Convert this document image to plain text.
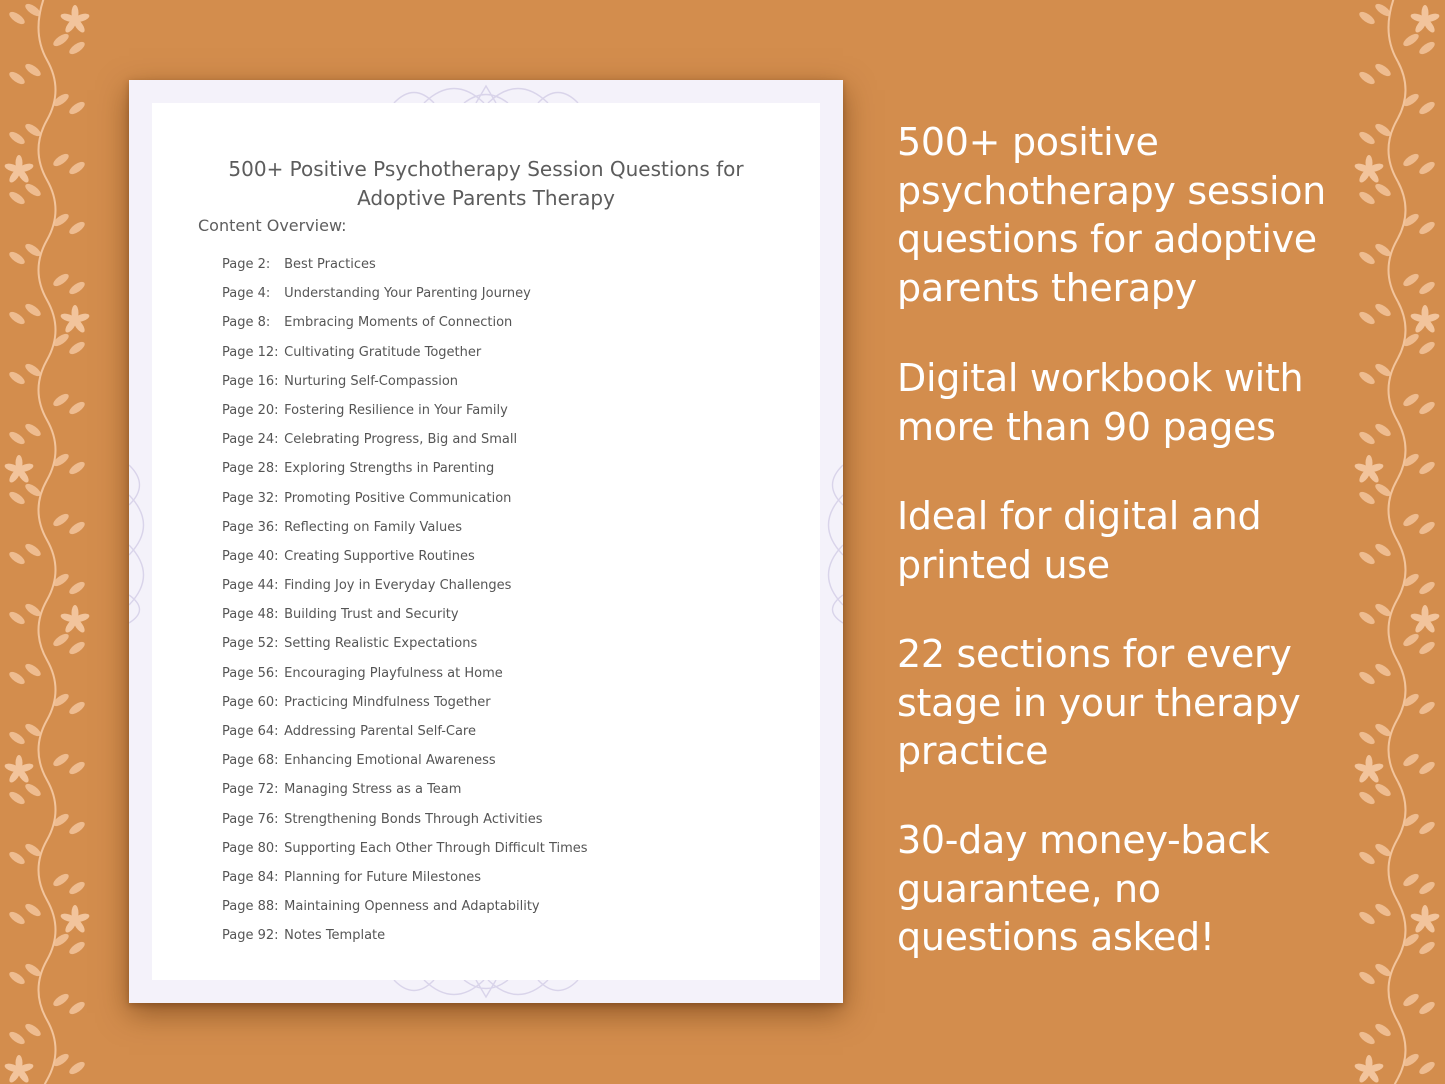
500+ Positive Psychotherapy Session Questions for
Adoptive Parents Therapy
Content Overview:
Page 2: Best Practices
Page 4: Understanding Your Parenting Journey
Page 8: Embracing Moments of Connection
Page 12: Cultivating Gratitude Together
Page 16: Nurturing Self-Compassion
Page 20: Fostering Resilience in Your Family
Page 24: Celebrating Progress, Big and Small
Page 28: Exploring Strengths in Parenting
Page 32: Promoting Positive Communication
Page 36: Reflecting on Family Values
Page 40: Creating Supportive Routines
Page 44: Finding Joy in Everyday Challenges
Page 48: Building Trust and Security
Page 52: Setting Realistic Expectations
Page 56: Encouraging Playfulness at Home
Page 60: Practicing Mindfulness Together
Page 64: Addressing Parental Self-Care
Page 68: Enhancing Emotional Awareness
Page 72: Managing Stress as a Team
Page 76: Strengthening Bonds Through Activities
Page 80: Supporting Each Other Through Difficult Times
Page 84: Planning for Future Milestones
Page 88: Maintaining Openness and Adaptability
Page 92: Notes Template

500+ positive
psychotherapy session
questions for adoptive
parents therapy

Digital workbook with
more than 90 pages

Ideal for digital and
printed use

22 sections for every
stage in your therapy
practice

30-day money-back
guarantee, no
questions asked!
